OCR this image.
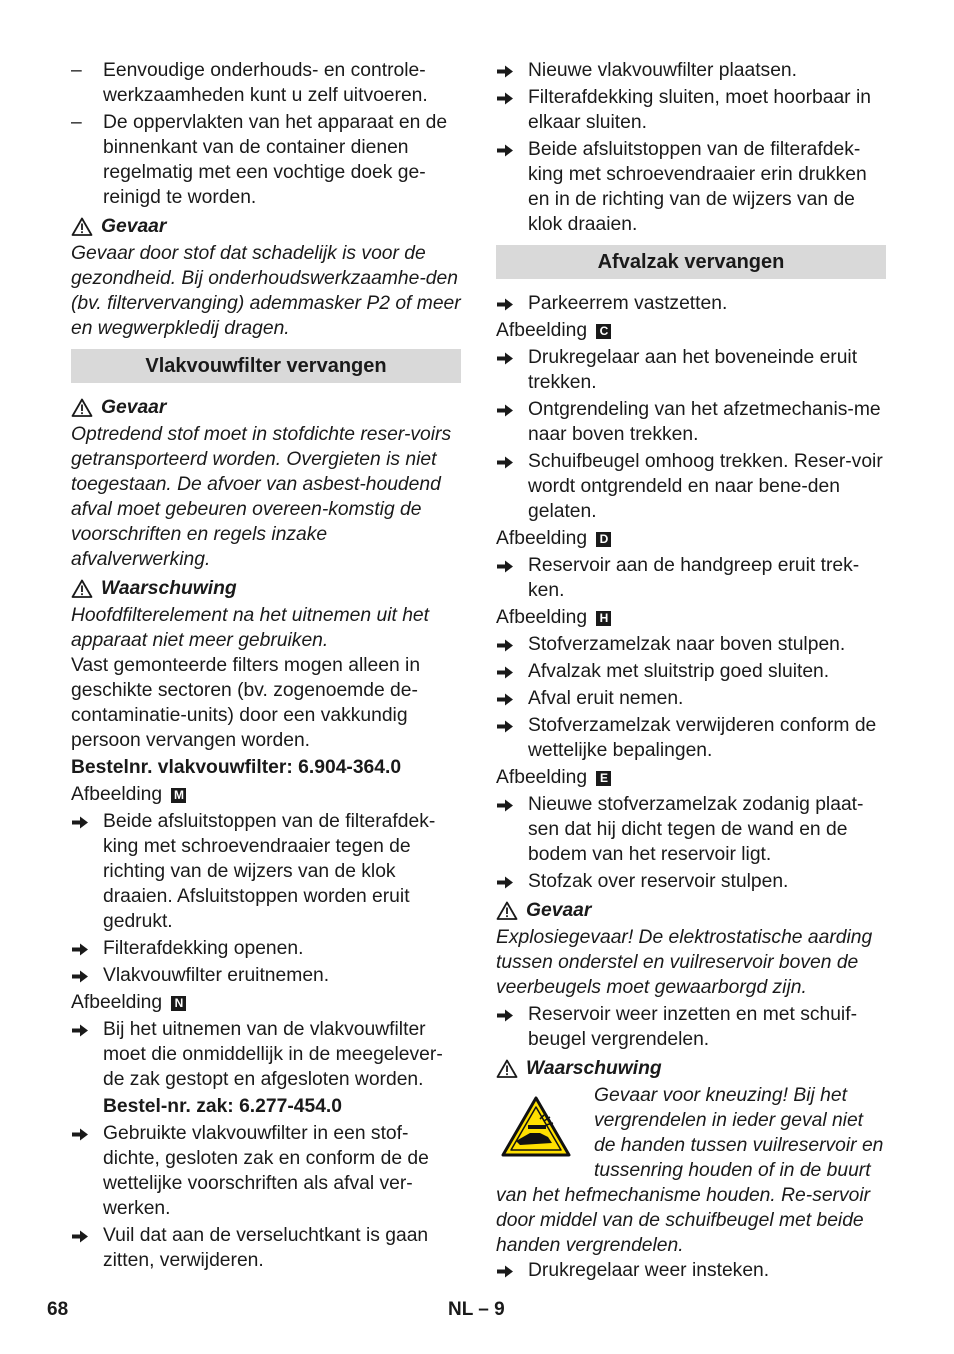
–	Eenvoudige onderhouds- en controle-werkzaamheden kunt u zelf uitvoeren.
–	De oppervlakten van het apparaat en de binnenkant van de container dienen regelmatig met een vochtige doek ge-reinigd te worden.
Gevaar
Gevaar door stof dat schadelijk is voor de gezondheid. Bij onderhoudswerkzaamhe-den (bv. filtervervanging) ademmasker P2 of meer en wegwerpkledij dragen.
Vlakvouwfilter vervangen
Gevaar
Optredend stof moet in stofdichte reser-voirs getransporteerd worden. Overgieten is niet toegestaan. De afvoer van asbest-houdend afval moet gebeuren overeen-komstig de voorschriften en regels inzake afvalverwerking.
Waarschuwing
Hoofdfilterelement na het uitnemen uit het apparaat niet meer gebruiken.
Vast gemonteerde filters mogen alleen in geschikte sectoren (bv. zogenoemde de-contaminatie-units) door een vakkundig persoon vervangen worden.
Bestelnr. vlakvouwfilter: 6.904-364.0
Afbeelding M
Beide afsluitstoppen van de filterafdek-king met schroevendraaier tegen de richting van de wijzers van de klok draaien. Afsluitstoppen worden eruit gedrukt.
Filterafdekking openen.
Vlakvouwfilter eruitnemen.
Afbeelding N
Bij het uitnemen van de vlakvouwfilter moet die onmiddellijk in de meegelever-de zak gestopt en afgesloten worden.
Bestel-nr. zak: 6.277-454.0
Gebruikte vlakvouwfilter in een stof-dichte, gesloten zak en conform de de wettelijke voorschriften als afval ver-werken.
Vuil dat aan de verseluchtkant is gaan zitten, verwijderen.
Nieuwe vlakvouwfilter plaatsen.
Filterafdekking sluiten, moet hoorbaar in elkaar sluiten.
Beide afsluitstoppen van de filterafdek-king met schroevendraaier erin drukken en in de richting van de wijzers van de klok draaien.
Afvalzak vervangen
Parkeerrem vastzetten.
Afbeelding C
Drukregelaar aan het boveneinde eruit trekken.
Ontgrendeling van het afzetmechanis-me naar boven trekken.
Schuifbeugel omhoog trekken. Reser-voir wordt ontgrendeld en naar bene-den gelaten.
Afbeelding D
Reservoir aan de handgreep eruit trek-ken.
Afbeelding H
Stofverzamelzak naar boven stulpen.
Afvalzak met sluitstrip goed sluiten.
Afval eruit nemen.
Stofverzamelzak verwijderen conform de wettelijke bepalingen.
Afbeelding E
Nieuwe stofverzamelzak zodanig plaat-sen dat hij dicht tegen de wand en de bodem van het reservoir ligt.
Stofzak over reservoir stulpen.
Gevaar
Explosiegevaar! De elektrostatische aarding tussen onderstel en vuilreservoir boven de veerbeugels moet gewaarborgd zijn.
Reservoir weer inzetten en met schuif-beugel vergrendelen.
Waarschuwing
Gevaar voor kneuzing! Bij het vergrendelen in ieder geval niet de handen tussen vuilreservoir en tussenring houden of in de buurt van het hefmechanisme houden. Re-servoir door middel van de schuifbeugel met beide handen vergrendelen.
Drukregelaar weer insteken.
68	NL – 9
